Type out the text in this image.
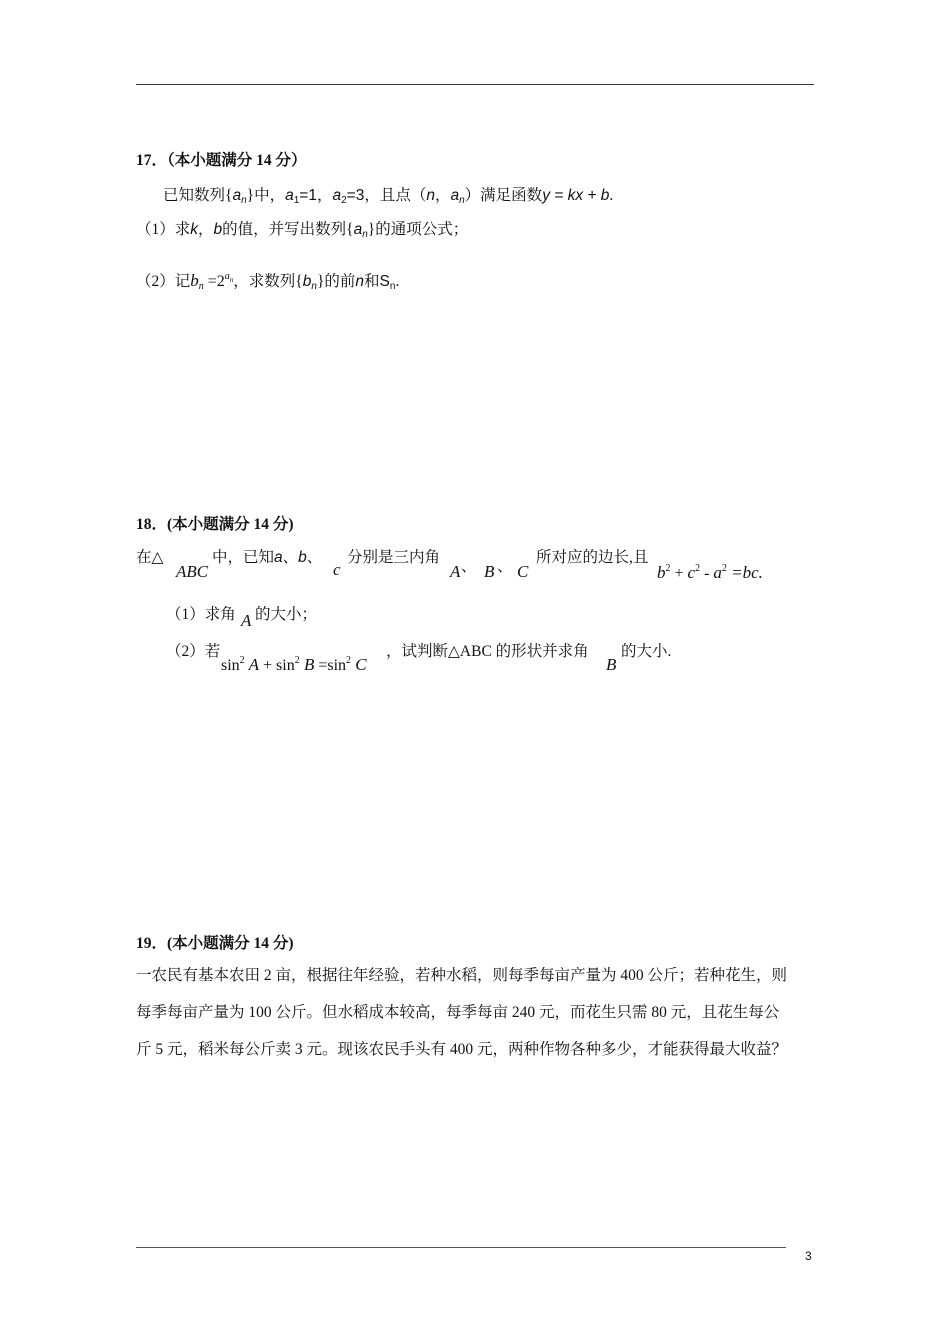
17．（本小题满分 14 分）
已知数列$\{a_n\}$中，$a_1=1$，$a_2=3$，且点（n，$a_n$）满足函数y = kx + b.
（1）求k，b的值，并写出数列$\{a_n\}$的通项公式；
（2）记$b_n =2^{a_n}$，求数列$\{b_n\}$的前n和$S_n$.
18．(本小题满分 14 分)
在△
ABC
中，已知a、b、
c
分别是三内角
A 、 B 、 C
所对应的边长,且
$b^2 + c^2 - a^2 =bc$.
（1）求角 A 的大小；
（2）若
$\sin^2 A + \sin^2 B =\sin^2$ C
，试判断△ABC 的形状并求角
B
的大小.
19．(本小题满分 14 分)
一农民有基本农田 2 亩，根据往年经验，若种水稻，则每季每亩产量为 400 公斤；若种花生，则
每季每亩产量为 100 公斤。但水稻成本较高，每季每亩 240 元，而花生只需 80 元，且花生每公
斤 5 元，稻米每公斤卖 3 元。现该农民手头有 400 元，两种作物各种多少，才能获得最大收益？
3
